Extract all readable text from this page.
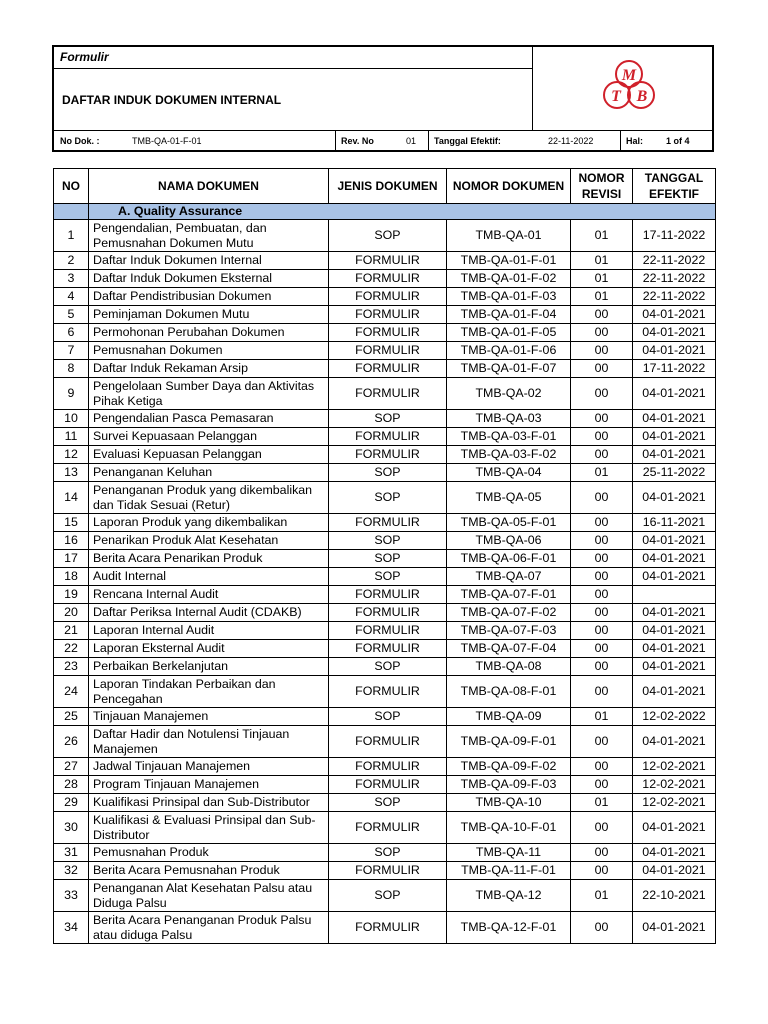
Formulir
DAFTAR INDUK DOKUMEN INTERNAL
M
T B
No Dok. :	TMB-QA-01-F-01	Rev. No	01 Tanggal Efektif:	22-11-2022	Hal:	1 of 4
NO	NAMA DOKUMEN	JENIS DOKUMEN	NOMOR DOKUMEN	NOMOR REVISI	TANGGAL EFEKTIF
	A. Quality Assurance				
1	Pengendalian, Pembuatan, dan Pemusnahan Dokumen Mutu	SOP	TMB-QA-01	01	17-11-2022
2	Daftar Induk Dokumen Internal	FORMULIR	TMB-QA-01-F-01	01	22-11-2022
3	Daftar Induk Dokumen Eksternal	FORMULIR	TMB-QA-01-F-02	01	22-11-2022
4	Daftar Pendistribusian Dokumen	FORMULIR	TMB-QA-01-F-03	01	22-11-2022
5	Peminjaman Dokumen Mutu	FORMULIR	TMB-QA-01-F-04	00	04-01-2021
6	Permohonan Perubahan Dokumen	FORMULIR	TMB-QA-01-F-05	00	04-01-2021
7	Pemusnahan Dokumen	FORMULIR	TMB-QA-01-F-06	00	04-01-2021
8	Daftar Induk Rekaman Arsip	FORMULIR	TMB-QA-01-F-07	00	17-11-2022
9	Pengelolaan Sumber Daya dan Aktivitas Pihak Ketiga	FORMULIR	TMB-QA-02	00	04-01-2021
10	Pengendalian Pasca Pemasaran	SOP	TMB-QA-03	00	04-01-2021
11	Survei Kepuasaan Pelanggan	FORMULIR	TMB-QA-03-F-01	00	04-01-2021
12	Evaluasi Kepuasan Pelanggan	FORMULIR	TMB-QA-03-F-02	00	04-01-2021
13	Penanganan Keluhan	SOP	TMB-QA-04	01	25-11-2022
14	Penanganan Produk yang dikembalikan dan Tidak Sesuai (Retur)	SOP	TMB-QA-05	00	04-01-2021
15	Laporan Produk yang dikembalikan	FORMULIR	TMB-QA-05-F-01	00	16-11-2021
16	Penarikan Produk Alat Kesehatan	SOP	TMB-QA-06	00	04-01-2021
17	Berita Acara Penarikan Produk	SOP	TMB-QA-06-F-01	00	04-01-2021
18	Audit Internal	SOP	TMB-QA-07	00	04-01-2021
19	Rencana Internal Audit	FORMULIR	TMB-QA-07-F-01	00	
20	Daftar Periksa Internal Audit (CDAKB)	FORMULIR	TMB-QA-07-F-02	00	04-01-2021
21	Laporan Internal Audit	FORMULIR	TMB-QA-07-F-03	00	04-01-2021
22	Laporan Eksternal Audit	FORMULIR	TMB-QA-07-F-04	00	04-01-2021
23	Perbaikan Berkelanjutan	SOP	TMB-QA-08	00	04-01-2021
24	Laporan Tindakan Perbaikan dan Pencegahan	FORMULIR	TMB-QA-08-F-01	00	04-01-2021
25	Tinjauan Manajemen	SOP	TMB-QA-09	01	12-02-2022
26	Daftar Hadir dan Notulensi Tinjauan Manajemen	FORMULIR	TMB-QA-09-F-01	00	04-01-2021
27	Jadwal Tinjauan Manajemen	FORMULIR	TMB-QA-09-F-02	00	12-02-2021
28	Program Tinjauan Manajemen	FORMULIR	TMB-QA-09-F-03	00	12-02-2021
29	Kualifikasi Prinsipal dan Sub-Distributor	SOP	TMB-QA-10	01	12-02-2021
30	Kualifikasi & Evaluasi Prinsipal dan Sub-Distributor	FORMULIR	TMB-QA-10-F-01	00	04-01-2021
31	Pemusnahan Produk	SOP	TMB-QA-11	00	04-01-2021
32	Berita Acara Pemusnahan Produk	FORMULIR	TMB-QA-11-F-01	00	04-01-2021
33	Penanganan Alat Kesehatan Palsu atau Diduga Palsu	SOP	TMB-QA-12	01	22-10-2021
34	Berita Acara Penanganan Produk Palsu atau diduga Palsu	FORMULIR	TMB-QA-12-F-01	00	04-01-2021
